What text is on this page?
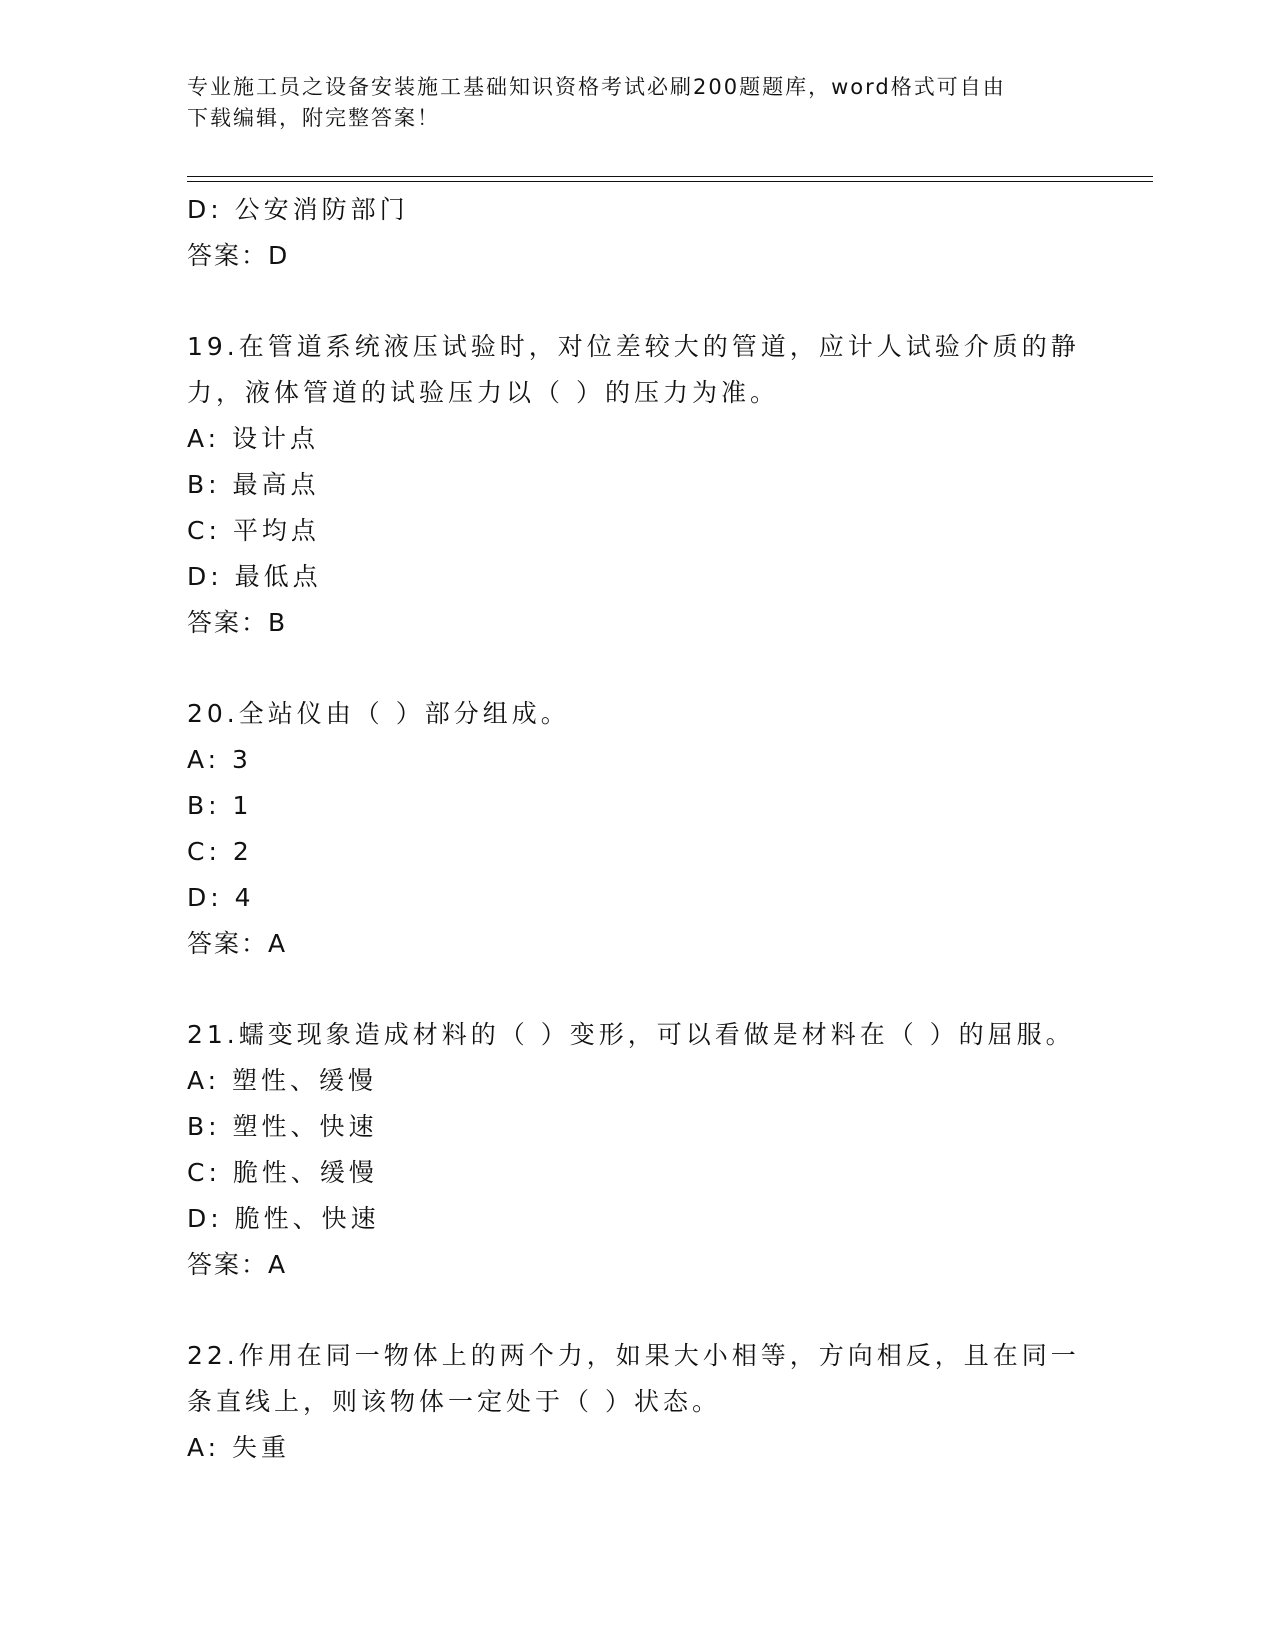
专业施工员之设备安装施工基础知识资格考试必刷200题题库，word格式可自由
下载编辑，附完整答案！
D: 公安消防部门
答案：D
19.在管道系统液压试验时，对位差较大的管道，应计人试验介质的静
力，液体管道的试验压力以（ ）的压力为准。
A: 设计点
B: 最高点
C: 平均点
D: 最低点
答案：B
20.全站仪由（ ）部分组成。
A: 3
B: 1
C: 2
D: 4
答案：A
21.蠕变现象造成材料的（ ）变形，可以看做是材料在（ ）的屈服。
A: 塑性、缓慢
B: 塑性、快速
C: 脆性、缓慢
D: 脆性、快速
答案：A
22.作用在同一物体上的两个力，如果大小相等，方向相反，且在同一
条直线上，则该物体一定处于（ ）状态。
A: 失重
